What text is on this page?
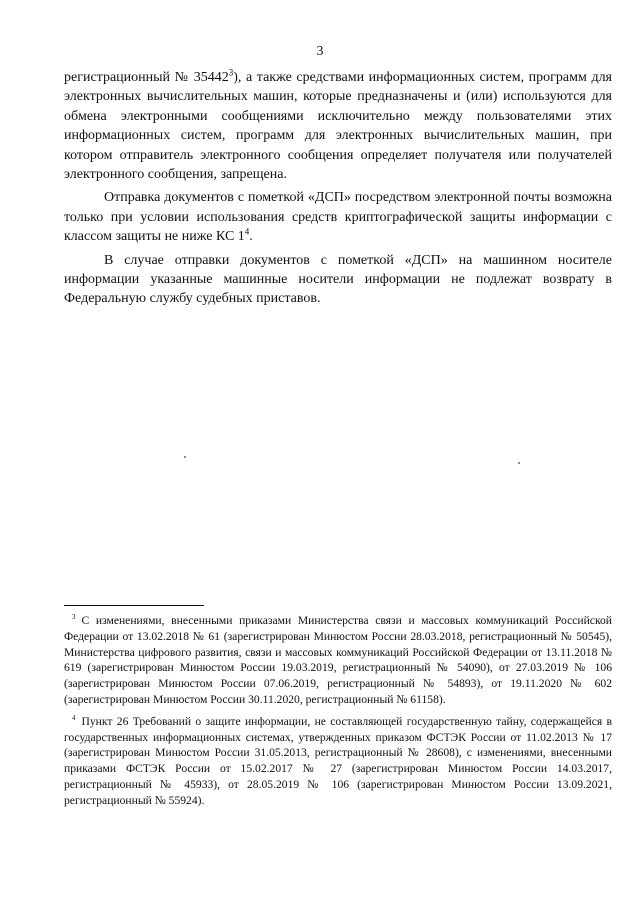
3

регистрационный № 35442$^3$), а также средствами информационных систем, программ для электронных вычислительных машин, которые предназначены и (или) используются для обмена электронными сообщениями исключительно между пользователями этих информационных систем, программ для электронных вычислительных машин, при котором отправитель электронного сообщения определяет получателя или получателей электронного сообщения, запрещена.

Отправка документов с пометкой «ДСП» посредством электронной почты возможна только при условии использования средств криптографической защиты информации с классом защиты не ниже КС $1^4$.

В случае отправки документов с пометкой «ДСП» на машинном носителе информации указанные машинные носители информации не подлежат возврату в Федеральную службу судебных приставов.

$^3$ С изменениями, внесенными приказами Министерства связи и массовых коммуникаций Российской Федерации от 13.02.2018 № 61 (зарегистрирован Минюстом России 28.03.2018, регистрационный № 50545), Министерства цифрового развития, связи и массовых коммуникаций Российской Федерации от 13.11.2018 № 619 (зарегистрирован Минюстом России 19.03.2019, регистрационный № 54090), от 27.03.2019 № 106 (зарегистрирован Минюстом России 07.06.2019, регистрационный № 54893), от 19.11.2020 № 602 (зарегистрирован Минюстом России 30.11.2020, регистрационный № 61158).

$^4$ Пункт 26 Требований о защите информации, не составляющей государственную тайну, содержащейся в государственных информационных системах, утвержденных приказом ФСТЭК России от 11.02.2013 № 17 (зарегистрирован Минюстом России 31.05.2013, регистрационный № 28608), с изменениями, внесенными приказами ФСТЭК России от 15.02.2017 № 27 (зарегистрирован Минюстом России 14.03.2017, регистрационный № 45933), от 28.05.2019 № 106 (зарегистрирован Минюстом России 13.09.2021, регистрационный № 55924).
